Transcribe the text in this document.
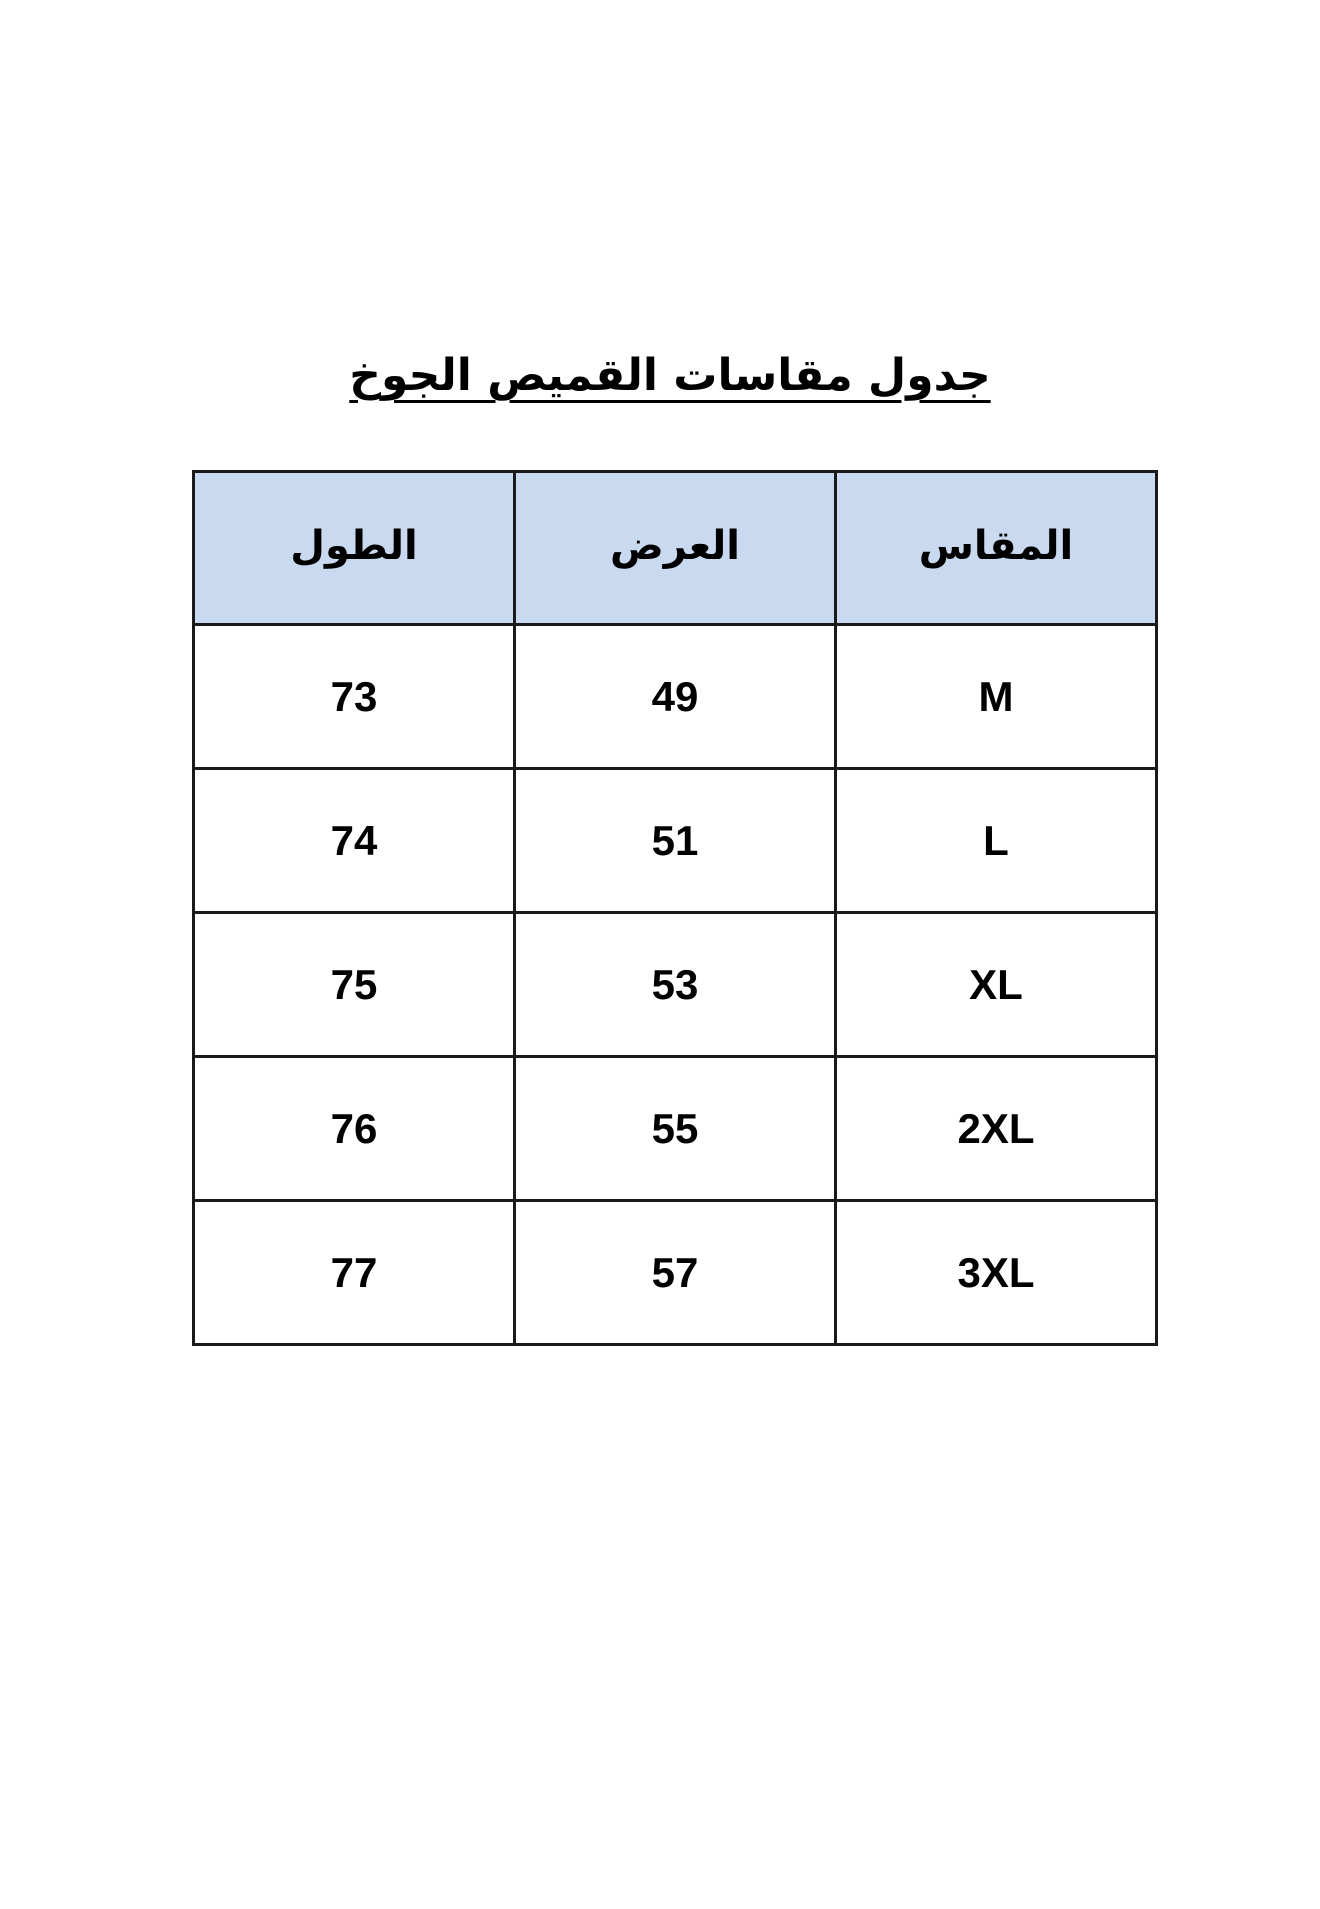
جدول مقاسات القميص الجوخ
المقاس	العرض	الطول
M	49	73
L	51	74
XL	53	75
2XL	55	76
3XL	57	77
